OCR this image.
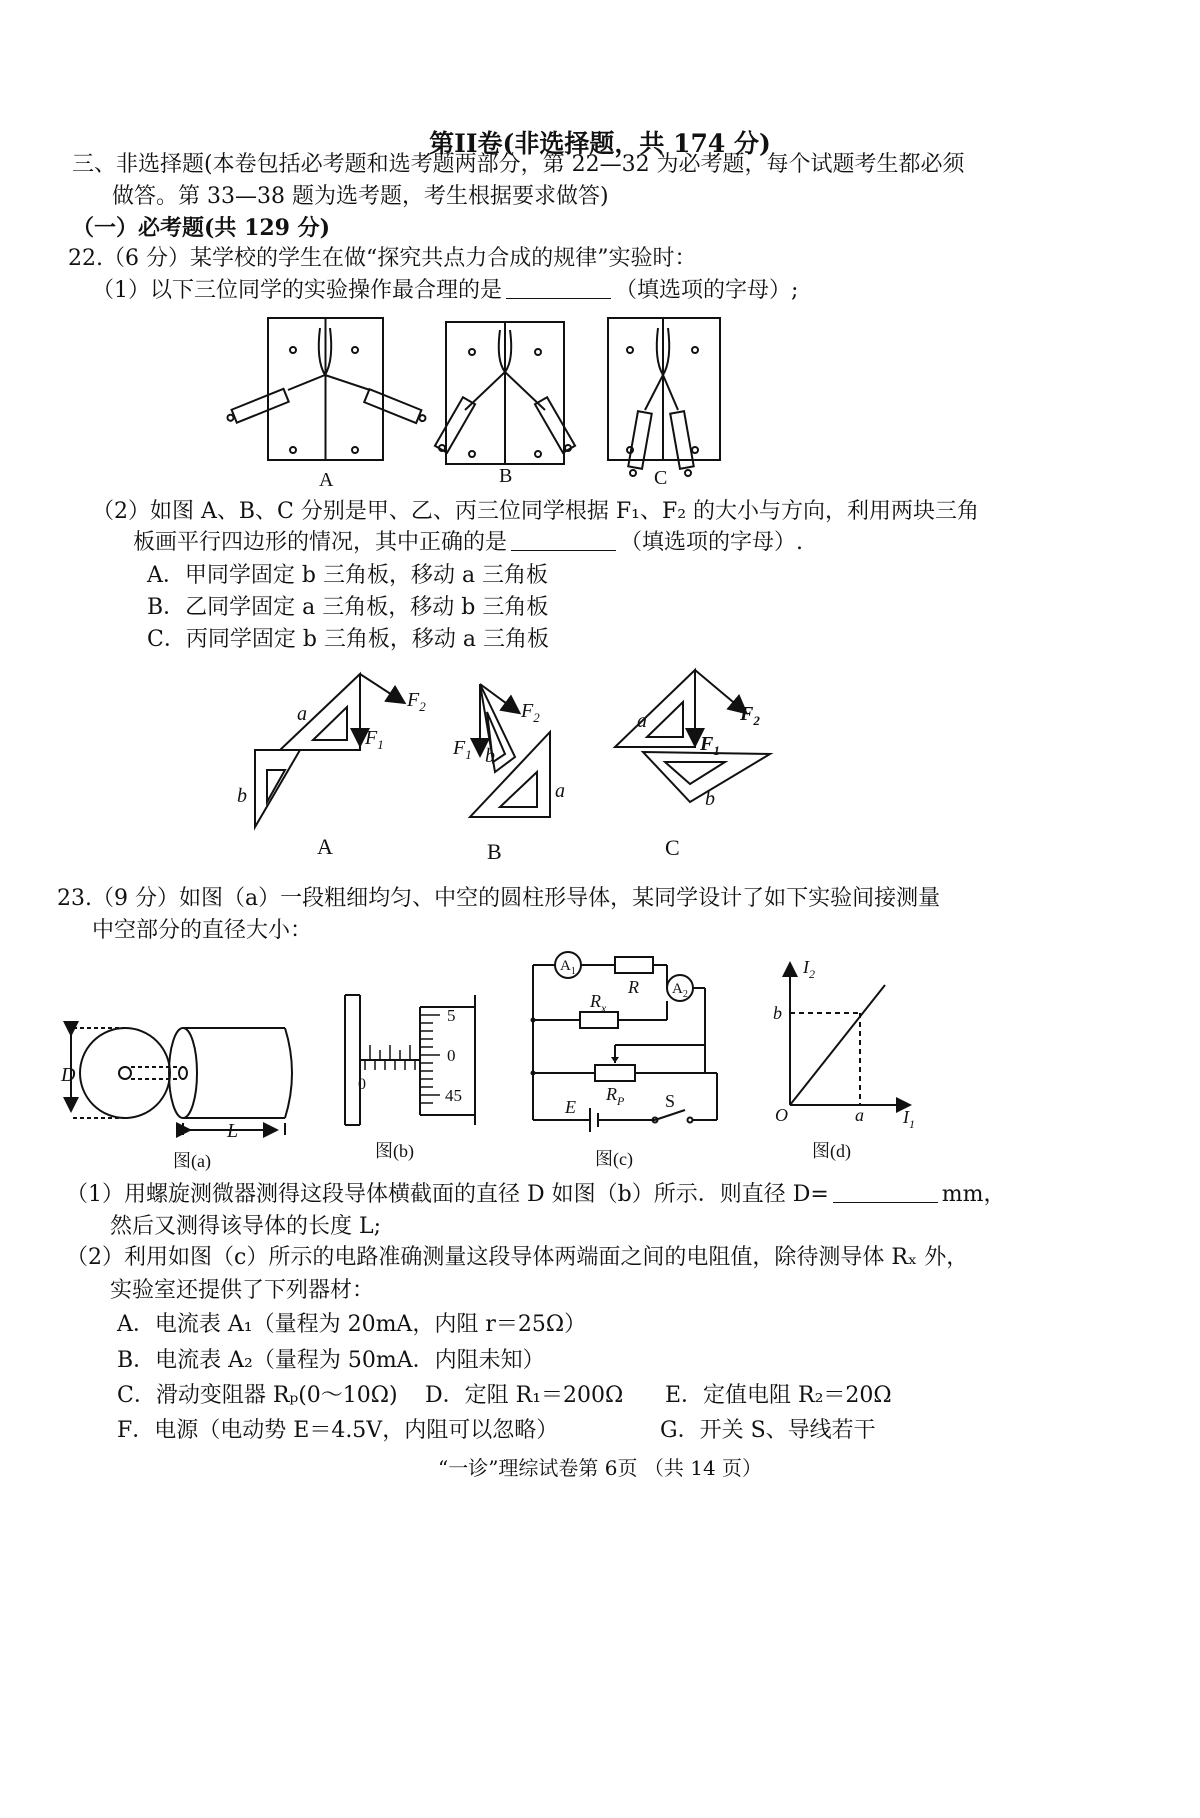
第II卷(非选择题，共 174 分)
三、非选择题(本卷包括必考题和选考题两部分，第 22—32 为必考题，每个试题考生都必须
做答。第 33—38 题为选考题，考生根据要求做答)
（一）必考题(共 129 分)
22.（6 分）某学校的学生在做“探究共点力合成的规律”实验时：
（1）以下三位同学的实验操作最合理的是	（填选项的字母）;
A	B	C
（2）如图 A、B、C 分别是甲、乙、丙三位同学根据 F₁、F₂ 的大小与方向，利用两块三角
板画平行四边形的情况，其中正确的是	（填选项的字母）.
A．甲同学固定 b 三角板，移动 a 三角板
B．乙同学固定 a 三角板，移动 b 三角板
C．丙同学固定 b 三角板，移动 a 三角板
a
b
$F_2$
$F_1$
$F_2$
$F_1$ b
a
a	$F_2$
$F_1$
b
A	B	C
23.（9 分）如图（a）一段粗细均匀、中空的圆柱形导体，某同学设计了如下实验间接测量
中空部分的直径大小：
D
L
5
0
45
0
$A_1$
$A_2$
R
$R_x$
$R_P$
E	S
$I_2$
$I_1$
O	a
b
图(a)	图(b)	图(c)	图(d)
（1）用螺旋测微器测得这段导体横截面的直径 D 如图（b）所示．则直径 D=	mm，
然后又测得该导体的长度 L;
（2）利用如图（c）所示的电路准确测量这段导体两端面之间的电阻值，除待测导体 Rₓ 外，
实验室还提供了下列器材：
A．电流表 A₁（量程为 20mA，内阻 r＝25Ω）
B．电流表 A₂（量程为 50mA．内阻未知）
C．滑动变阻器 Rₚ(0～10Ω) D．定阻 R₁＝200Ω E．定值电阻 R₂＝20Ω
F．电源（电动势 E＝4.5V，内阻可以忽略）	G．开关 S、导线若干
“一诊”理综试卷第 6页 （共 14 页）
